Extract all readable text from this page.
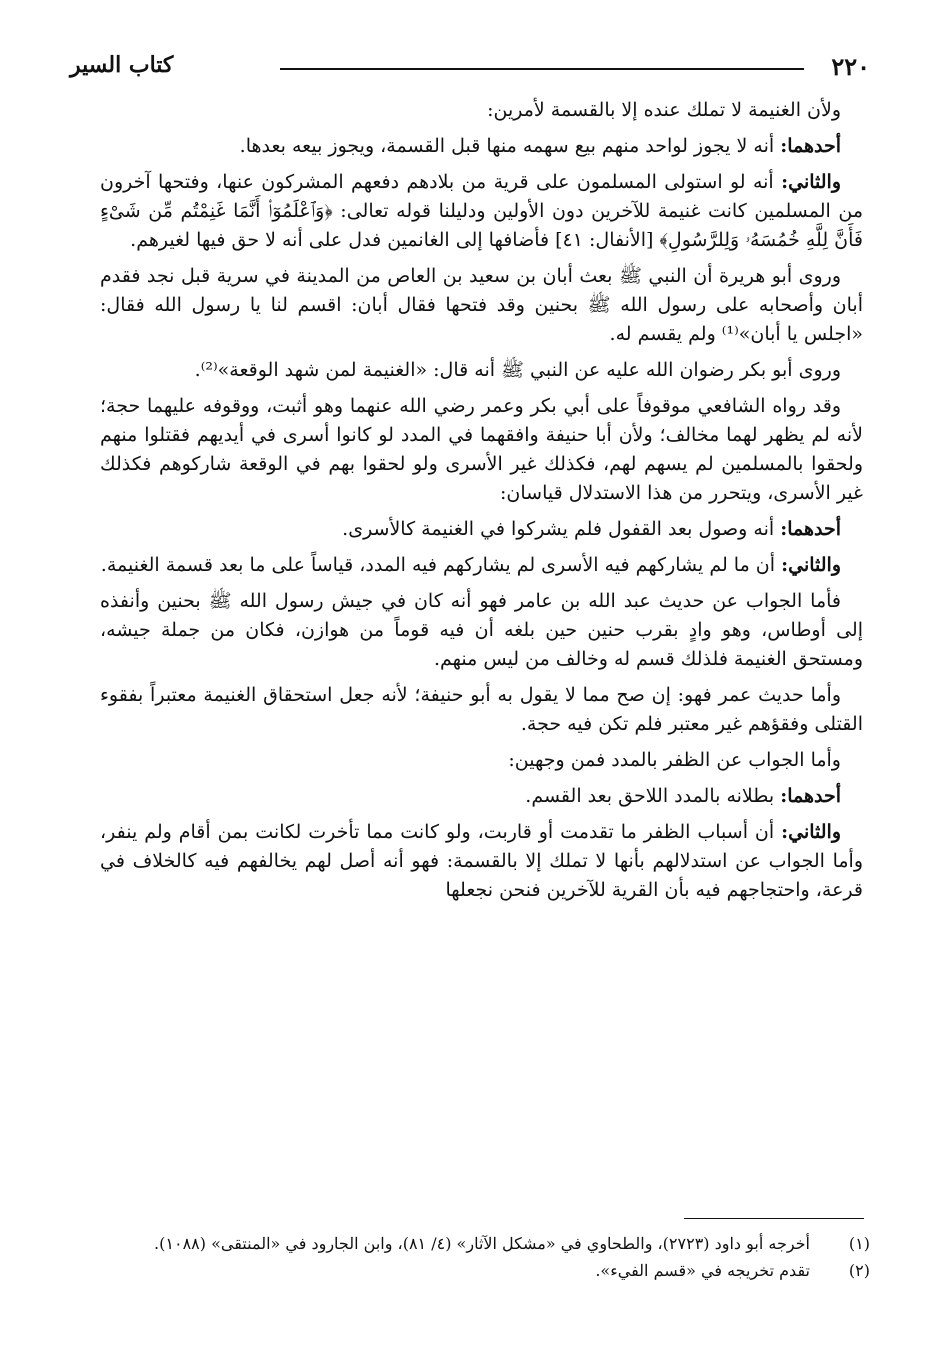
٢٢٠
كتاب السير

ولأن الغنيمة لا تملك عنده إلا بالقسمة لأمرين:

أحدهما: أنه لا يجوز لواحد منهم بيع سهمه منها قبل القسمة، ويجوز بيعه بعدها.

والثاني: أنه لو استولى المسلمون على قرية من بلادهم دفعهم المشركون عنها، وفتحها آخرون من المسلمين كانت غنيمة للآخرين دون الأولين ودليلنا قوله تعالى: ﴿وَٱعْلَمُوٓا۟ أَنَّمَا غَنِمْتُم مِّن شَىْءٍ فَأَنَّ لِلَّهِ خُمُسَهُۥ وَلِلرَّسُولِ﴾ [الأنفال: ٤١] فأضافها إلى الغانمين فدل على أنه لا حق فيها لغيرهم.

وروى أبو هريرة أن النبي ﷺ بعث أبان بن سعيد بن العاص من المدينة في سرية قبل نجد فقدم أبان وأصحابه على رسول الله ﷺ بحنين وقد فتحها فقال أبان: اقسم لنا يا رسول الله فقال: «اجلس يا أبان»⁽¹⁾ ولم يقسم له.

وروى أبو بكر رضوان الله عليه عن النبي ﷺ أنه قال: «الغنيمة لمن شهد الوقعة»⁽²⁾.

وقد رواه الشافعي موقوفاً على أبي بكر وعمر رضي الله عنهما وهو أثبت، ووقوفه عليهما حجة؛ لأنه لم يظهر لهما مخالف؛ ولأن أبا حنيفة وافقهما في المدد لو كانوا أسرى في أيديهم فقتلوا منهم ولحقوا بالمسلمين لم يسهم لهم، فكذلك غير الأسرى ولو لحقوا بهم في الوقعة شاركوهم فكذلك غير الأسرى، ويتحرر من هذا الاستدلال قياسان:

أحدهما: أنه وصول بعد القفول فلم يشركوا في الغنيمة كالأسرى.

والثاني: أن ما لم يشاركهم فيه الأسرى لم يشاركهم فيه المدد، قياساً على ما بعد قسمة الغنيمة.

فأما الجواب عن حديث عبد الله بن عامر فهو أنه كان في جيش رسول الله ﷺ بحنين وأنفذه إلى أوطاس، وهو وادٍ بقرب حنين حين بلغه أن فيه قوماً من هوازن، فكان من جملة جيشه، ومستحق الغنيمة فلذلك قسم له وخالف من ليس منهم.

وأما حديث عمر فهو: إن صح مما لا يقول به أبو حنيفة؛ لأنه جعل استحقاق الغنيمة معتبراً بفقوء القتلى وفقؤهم غير معتبر فلم تكن فيه حجة.

وأما الجواب عن الظفر بالمدد فمن وجهين:

أحدهما: بطلانه بالمدد اللاحق بعد القسم.

والثاني: أن أسباب الظفر ما تقدمت أو قاربت، ولو كانت مما تأخرت لكانت بمن أقام ولم ينفر، وأما الجواب عن استدلالهم بأنها لا تملك إلا بالقسمة: فهو أنه أصل لهم يخالفهم فيه كالخلاف في قرعة، واحتجاجهم فيه بأن القرية للآخرين فنحن نجعلها

(١)
أخرجه أبو داود (٢٧٢٣)، والطحاوي في «مشكل الآثار» (٤/ ٨١)، وابن الجارود في «المنتقى» (١٠٨٨).
(٢)
تقدم تخريجه في «قسم الفيء».
